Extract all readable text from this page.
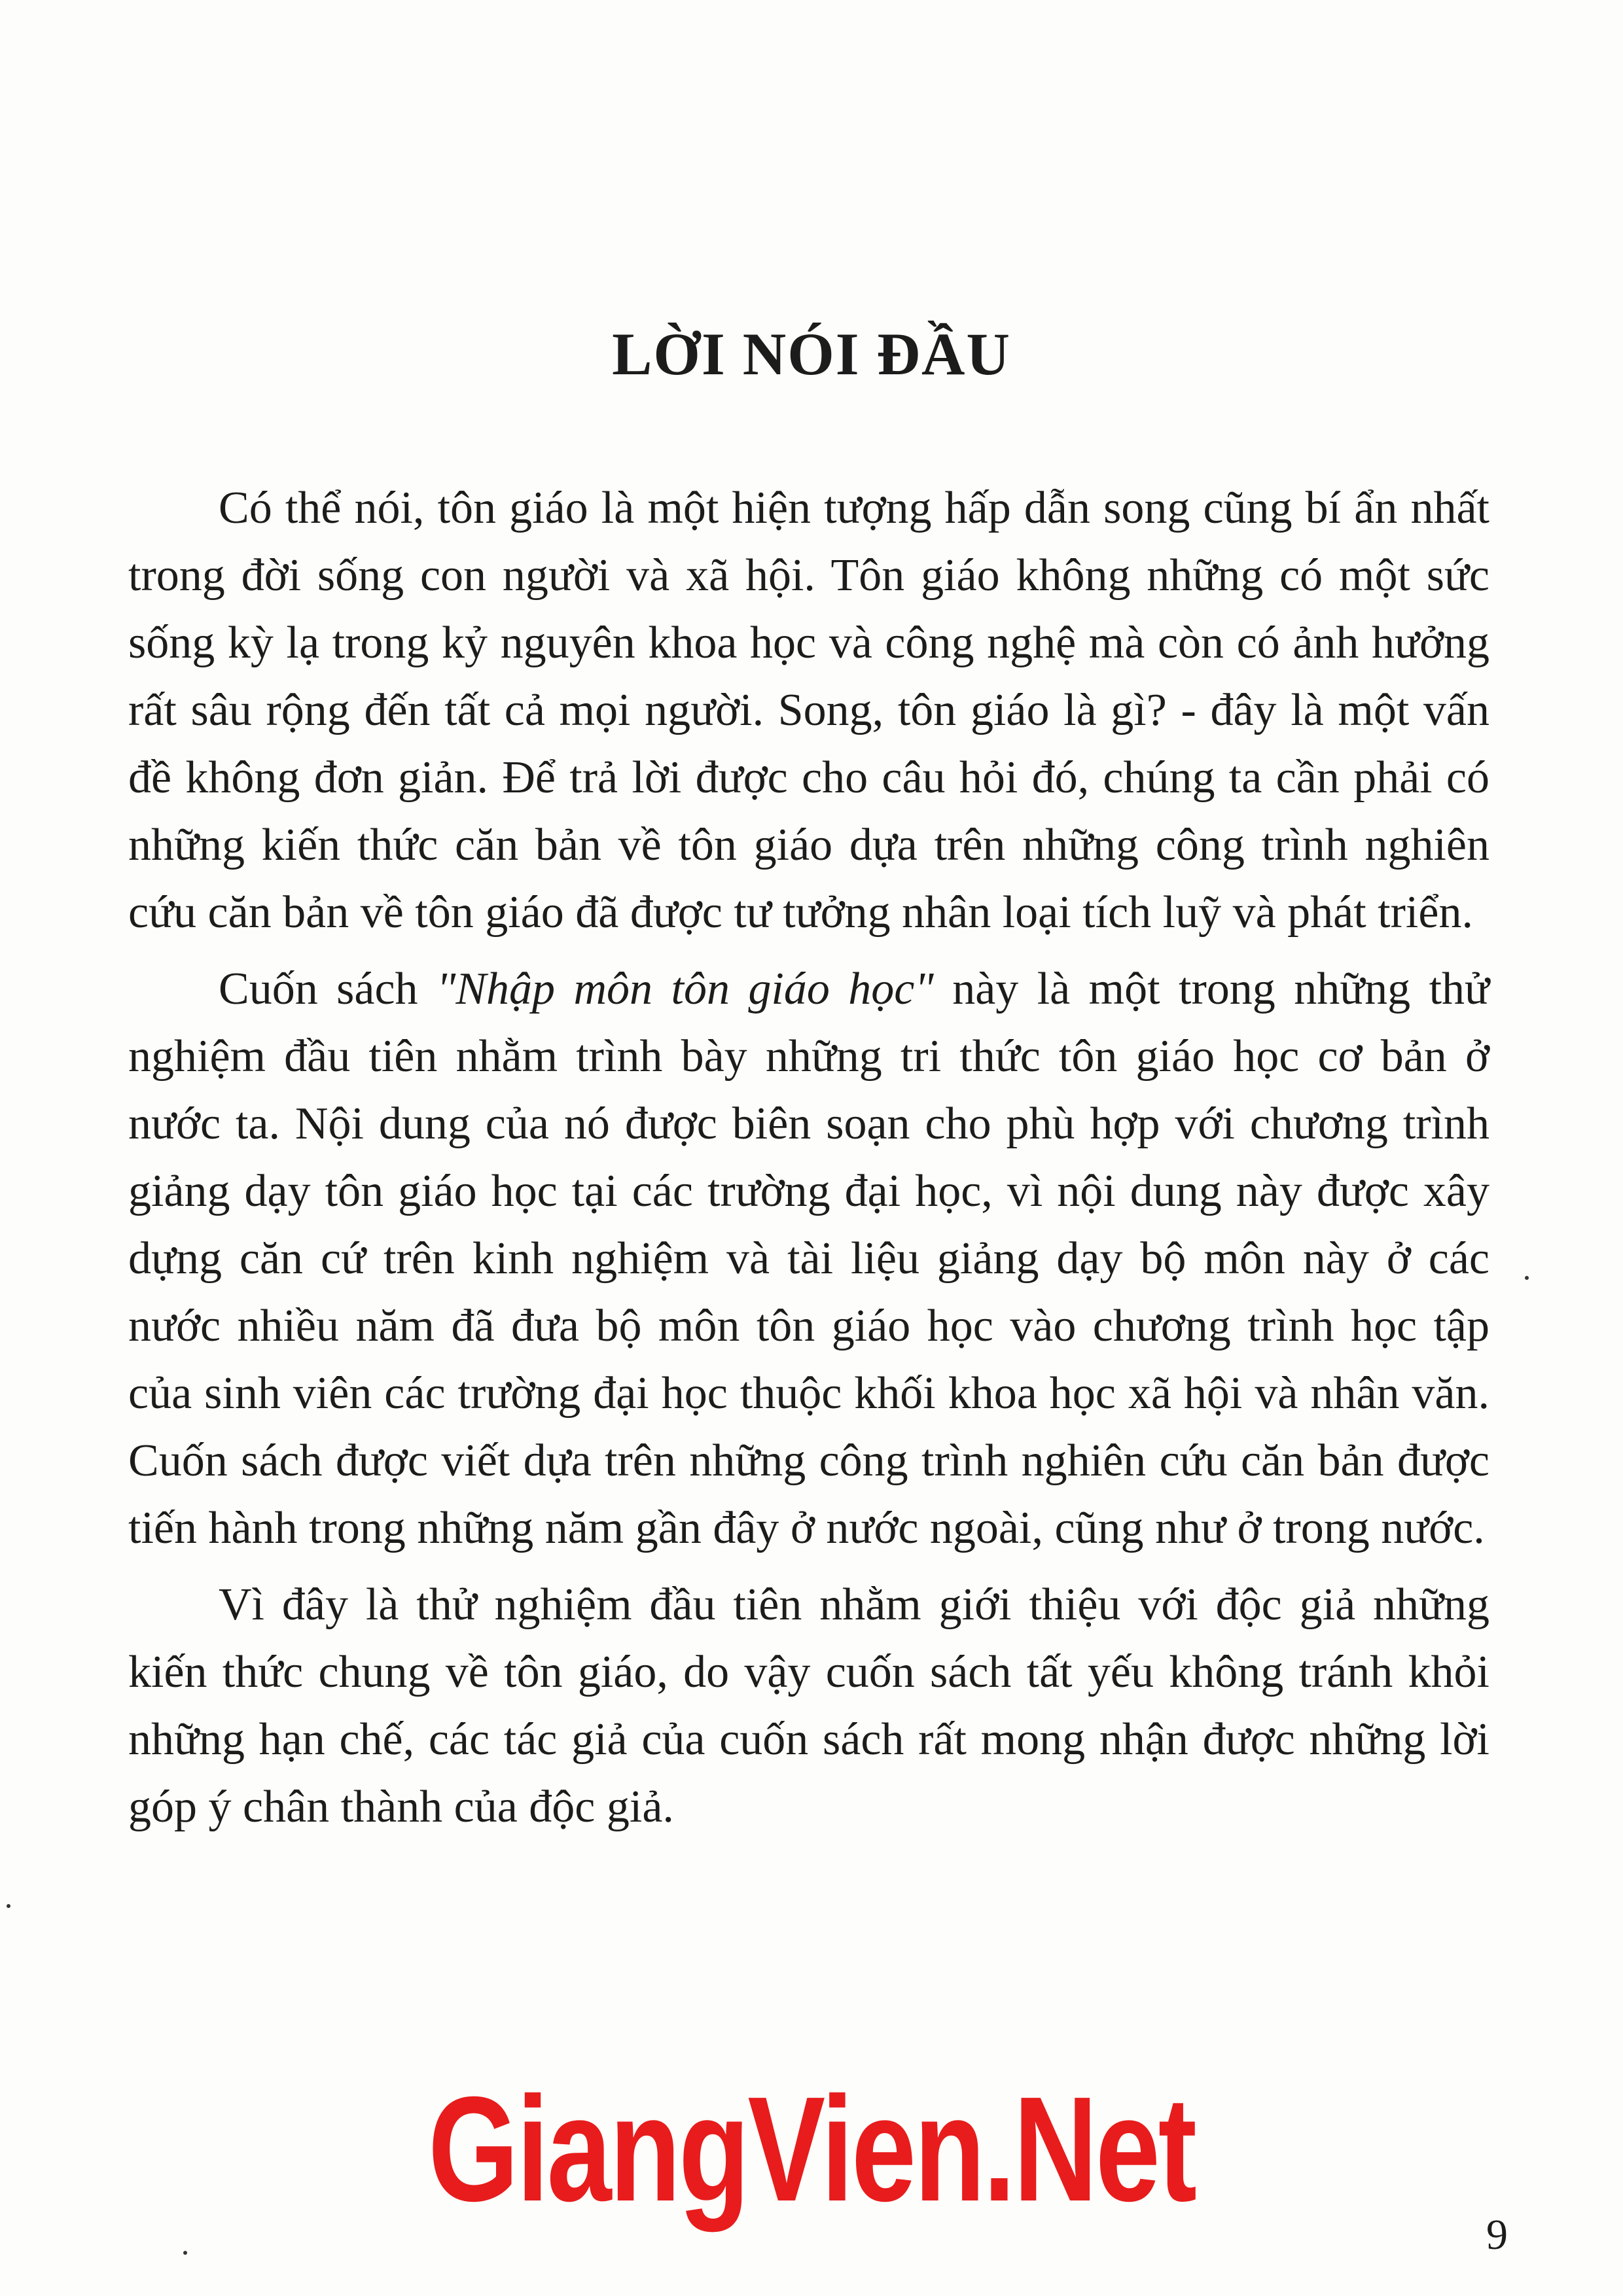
LỜI NÓI ĐẦU

Có thể nói, tôn giáo là một hiện tượng hấp dẫn song cũng bí ẩn nhất trong đời sống con người và xã hội. Tôn giáo không những có một sức sống kỳ lạ trong kỷ nguyên khoa học và công nghệ mà còn có ảnh hưởng rất sâu rộng đến tất cả mọi người. Song, tôn giáo là gì? - đây là một vấn đề không đơn giản. Để trả lời được cho câu hỏi đó, chúng ta cần phải có những kiến thức căn bản về tôn giáo dựa trên những công trình nghiên cứu căn bản về tôn giáo đã được tư tưởng nhân loại tích luỹ và phát triển.

Cuốn sách "Nhập môn tôn giáo học" này là một trong những thử nghiệm đầu tiên nhằm trình bày những tri thức tôn giáo học cơ bản ở nước ta. Nội dung của nó được biên soạn cho phù hợp với chương trình giảng dạy tôn giáo học tại các trường đại học, vì nội dung này được xây dựng căn cứ trên kinh nghiệm và tài liệu giảng dạy bộ môn này ở các nước nhiều năm đã đưa bộ môn tôn giáo học vào chương trình học tập của sinh viên các trường đại học thuộc khối khoa học xã hội và nhân văn. Cuốn sách được viết dựa trên những công trình nghiên cứu căn bản được tiến hành trong những năm gần đây ở nước ngoài, cũng như ở trong nước.

Vì đây là thử nghiệm đầu tiên nhằm giới thiệu với độc giả những kiến thức chung về tôn giáo, do vậy cuốn sách tất yếu không tránh khỏi những hạn chế, các tác giả của cuốn sách rất mong nhận được những lời góp ý chân thành của độc giả.

GiangVien.Net

9
